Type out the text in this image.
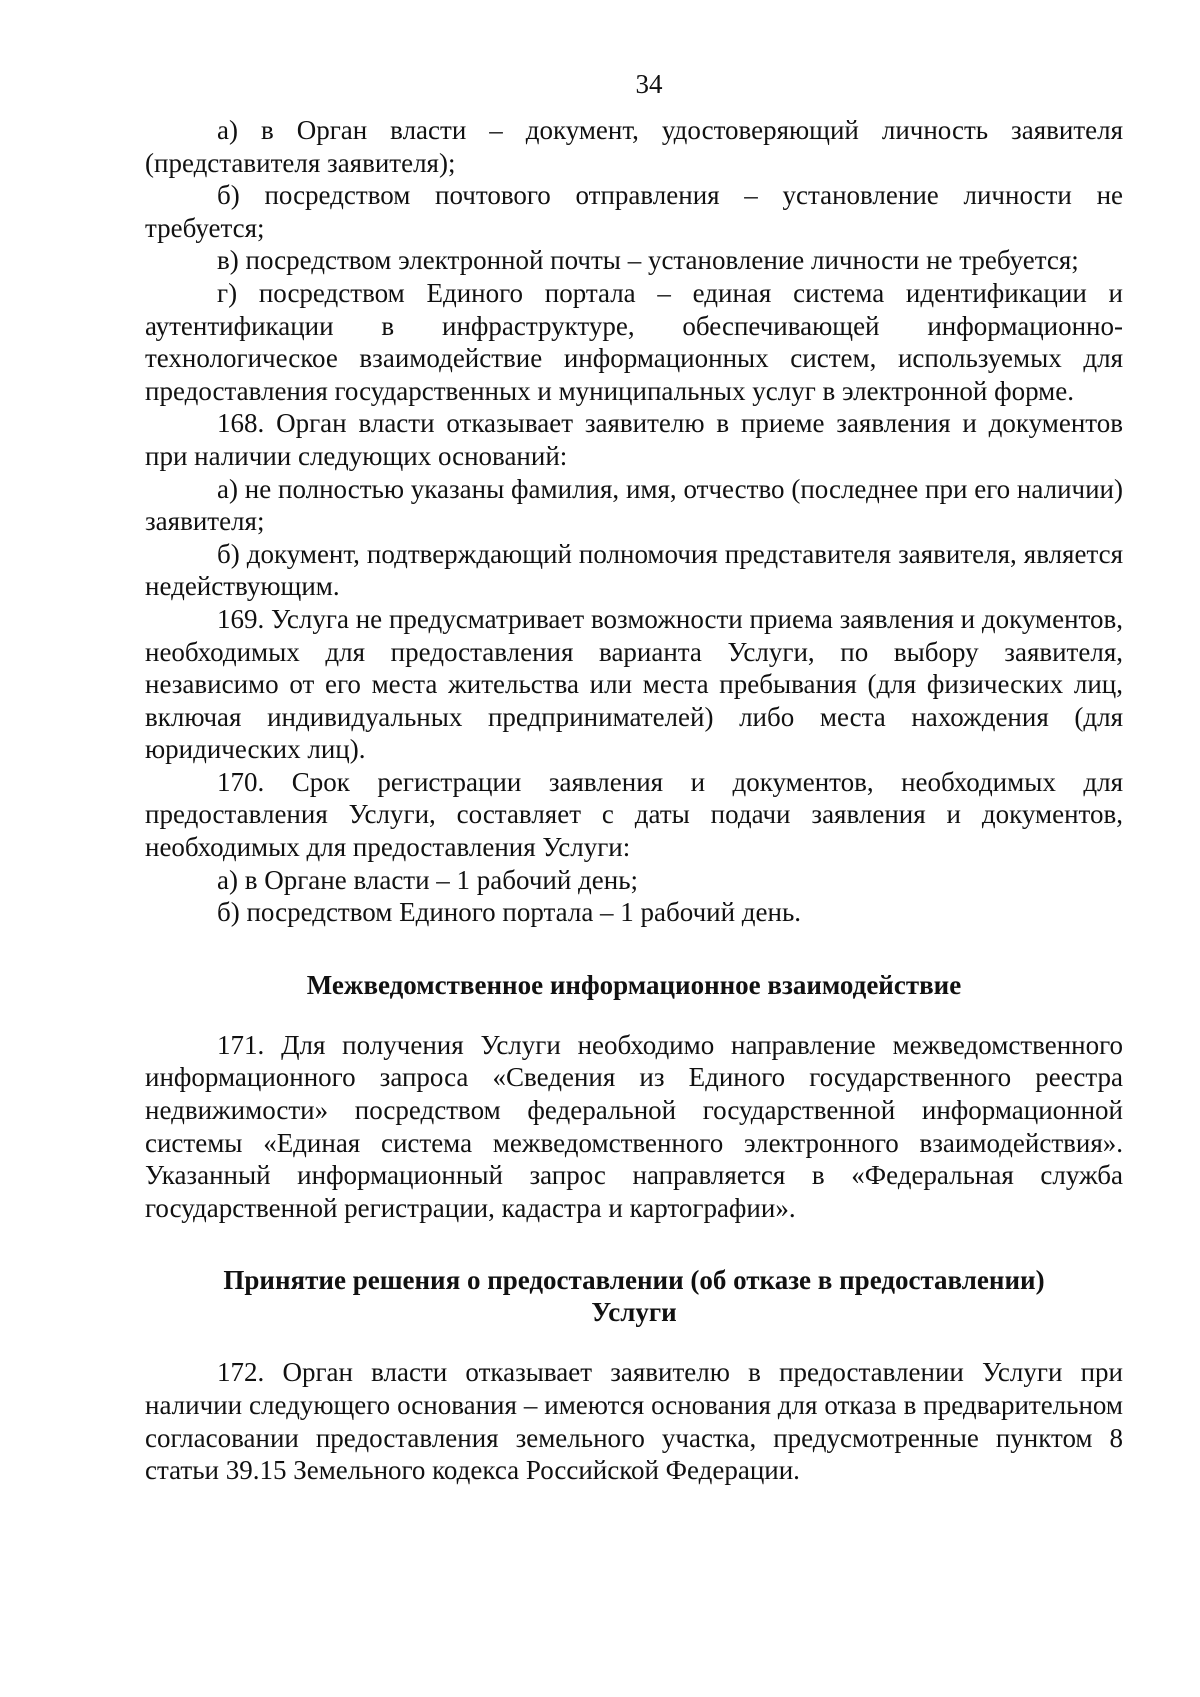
34

а) в Орган власти – документ, удостоверяющий личность заявителя (представителя заявителя);

б) посредством почтового отправления – установление личности не требуется;

в) посредством электронной почты – установление личности не требуется;

г) посредством Единого портала – единая система идентификации и аутентификации в инфраструктуре, обеспечивающей информационно-технологическое взаимодействие информационных систем, используемых для предоставления государственных и муниципальных услуг в электронной форме.

168. Орган власти отказывает заявителю в приеме заявления и документов при наличии следующих оснований:

а) не полностью указаны фамилия, имя, отчество (последнее при его наличии) заявителя;

б) документ, подтверждающий полномочия представителя заявителя, является недействующим.

169. Услуга не предусматривает возможности приема заявления и документов, необходимых для предоставления варианта Услуги, по выбору заявителя, независимо от его места жительства или места пребывания (для физических лиц, включая индивидуальных предпринимателей) либо места нахождения (для юридических лиц).

170. Срок регистрации заявления и документов, необходимых для предоставления Услуги, составляет с даты подачи заявления и документов, необходимых для предоставления Услуги:

а) в Органе власти – 1 рабочий день;

б) посредством Единого портала – 1 рабочий день.

Межведомственное информационное взаимодействие

171. Для получения Услуги необходимо направление межведомственного информационного запроса «Сведения из Единого государственного реестра недвижимости» посредством федеральной государственной информационной системы «Единая система межведомственного электронного взаимодействия». Указанный информационный запрос направляется в «Федеральная служба государственной регистрации, кадастра и картографии».

Принятие решения о предоставлении (об отказе в предоставлении)
Услуги

172. Орган власти отказывает заявителю в предоставлении Услуги при наличии следующего основания – имеются основания для отказа в предварительном согласовании предоставления земельного участка, предусмотренные пунктом 8 статьи 39.15 Земельного кодекса Российской Федерации.
